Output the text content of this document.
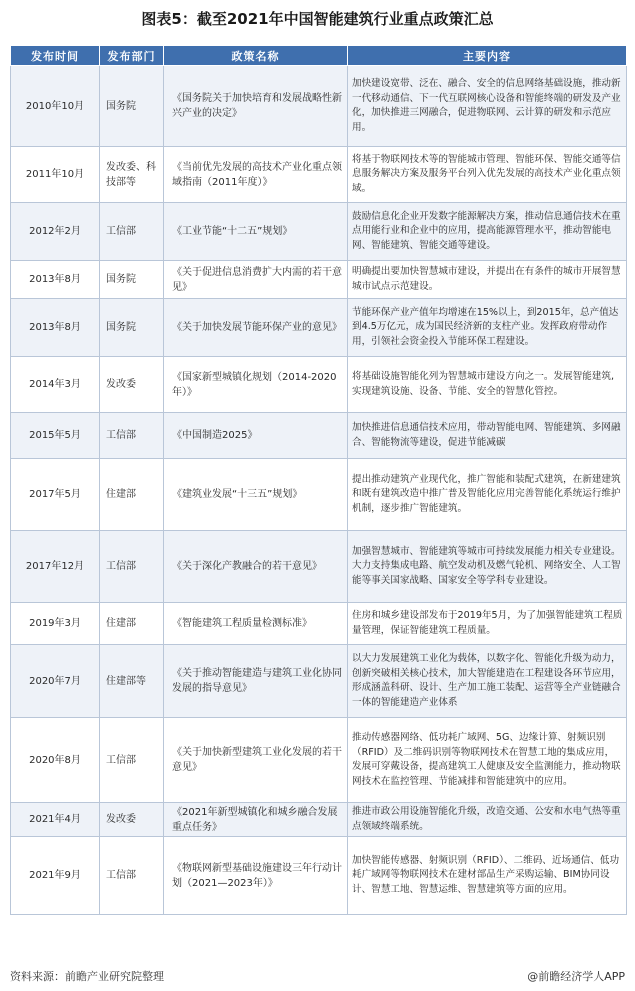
图表5：截至2021年中国智能建筑行业重点政策汇总
发布时间	发布部门	政策名称	主要内容
2010年10月	国务院	《国务院关于加快培育和发展战略性新兴产业的决定》	加快建设宽带、泛在、融合、安全的信息网络基础设施，推动新一代移动通信、下一代互联网核心设备和智能终端的研发及产业化，加快推进三网融合，促进物联网、云计算的研发和示范应用。
2011年10月	发改委、科技部等	《当前优先发展的高技术产业化重点领域指南（2011年度）》	将基于物联网技术等的智能城市管理、智能环保、智能交通等信息服务解决方案及服务平台列入优先发展的高技术产业化重点领域。
2012年2月	工信部	《工业节能“十二五”规划》	鼓励信息化企业开发数字能源解决方案，推动信息通信技术在重点用能行业和企业中的应用，提高能源管理水平，推动智能电网、智能建筑、智能交通等建设。
2013年8月	国务院	《关于促进信息消费扩大内需的若干意见》	明确提出要加快智慧城市建设，并提出在有条件的城市开展智慧城市试点示范建设。
2013年8月	国务院	《关于加快发展节能环保产业的意见》	节能环保产业产值年均增速在15%以上，到2015年，总产值达到4.5万亿元，成为国民经济新的支柱产业。发挥政府带动作用，引领社会资金投入节能环保工程建设。
2014年3月	发改委	《国家新型城镇化规划（2014-2020年）》	将基础设施智能化列为智慧城市建设方向之一。发展智能建筑,实现建筑设施、设备、节能、安全的智慧化管控。
2015年5月	工信部	《中国制造2025》	加快推进信息通信技术应用，带动智能电网、智能建筑、多网融合、智能物流等建设，促进节能减碳
2017年5月	住建部	《建筑业发展“十三五”规划》	提出推动建筑产业现代化，推广智能和装配式建筑，在新建建筑和既有建筑改造中推广普及智能化应用完善智能化系统运行维护机制，逐步推广智能建筑。
2017年12月	工信部	《关于深化产教融合的若干意见》	加强智慧城市、智能建筑等城市可持续发展能力相关专业建设。大力支持集成电路、航空发动机及燃气轮机、网络安全、人工智能等事关国家战略、国家安全等学科专业建设。
2019年3月	住建部	《智能建筑工程质量检测标准》	住房和城乡建设部发布于2019年5月，为了加强智能建筑工程质量管理，保证智能建筑工程质量。
2020年7月	住建部等	《关于推动智能建造与建筑工业化协同发展的指导意见》	以大力发展建筑工业化为载体，以数字化、智能化升级为动力，创新突破相关核心技术，加大智能建造在工程建设各环节应用，形成涵盖科研、设计、生产加工施工装配、运营等全产业链融合一体的智能建造产业体系
2020年8月	工信部	《关于加快新型建筑工业化发展的若干意见》	推动传感器网络、低功耗广域网、5G、边缘计算、射频识别（RFID）及二维码识别等物联网技术在智慧工地的集成应用，发展可穿戴设备，提高建筑工人健康及安全监测能力，推动物联网技术在监控管理、节能减排和智能建筑中的应用。
2021年4月	发改委	《2021年新型城镇化和城乡融合发展重点任务》	推进市政公用设施智能化升级，改造交通、公安和水电气热等重点领域终端系统。
2021年9月	工信部	《物联网新型基础设施建设三年行动计划（2021—2023年）》	加快智能传感器、射频识别（RFID）、二维码、近场通信、低功耗广域网等物联网技术在建材部品生产采购运输、BIM协同设计、智慧工地、智慧运维、智慧建筑等方面的应用。
资料来源：前瞻产业研究院整理	@前瞻经济学人APP
